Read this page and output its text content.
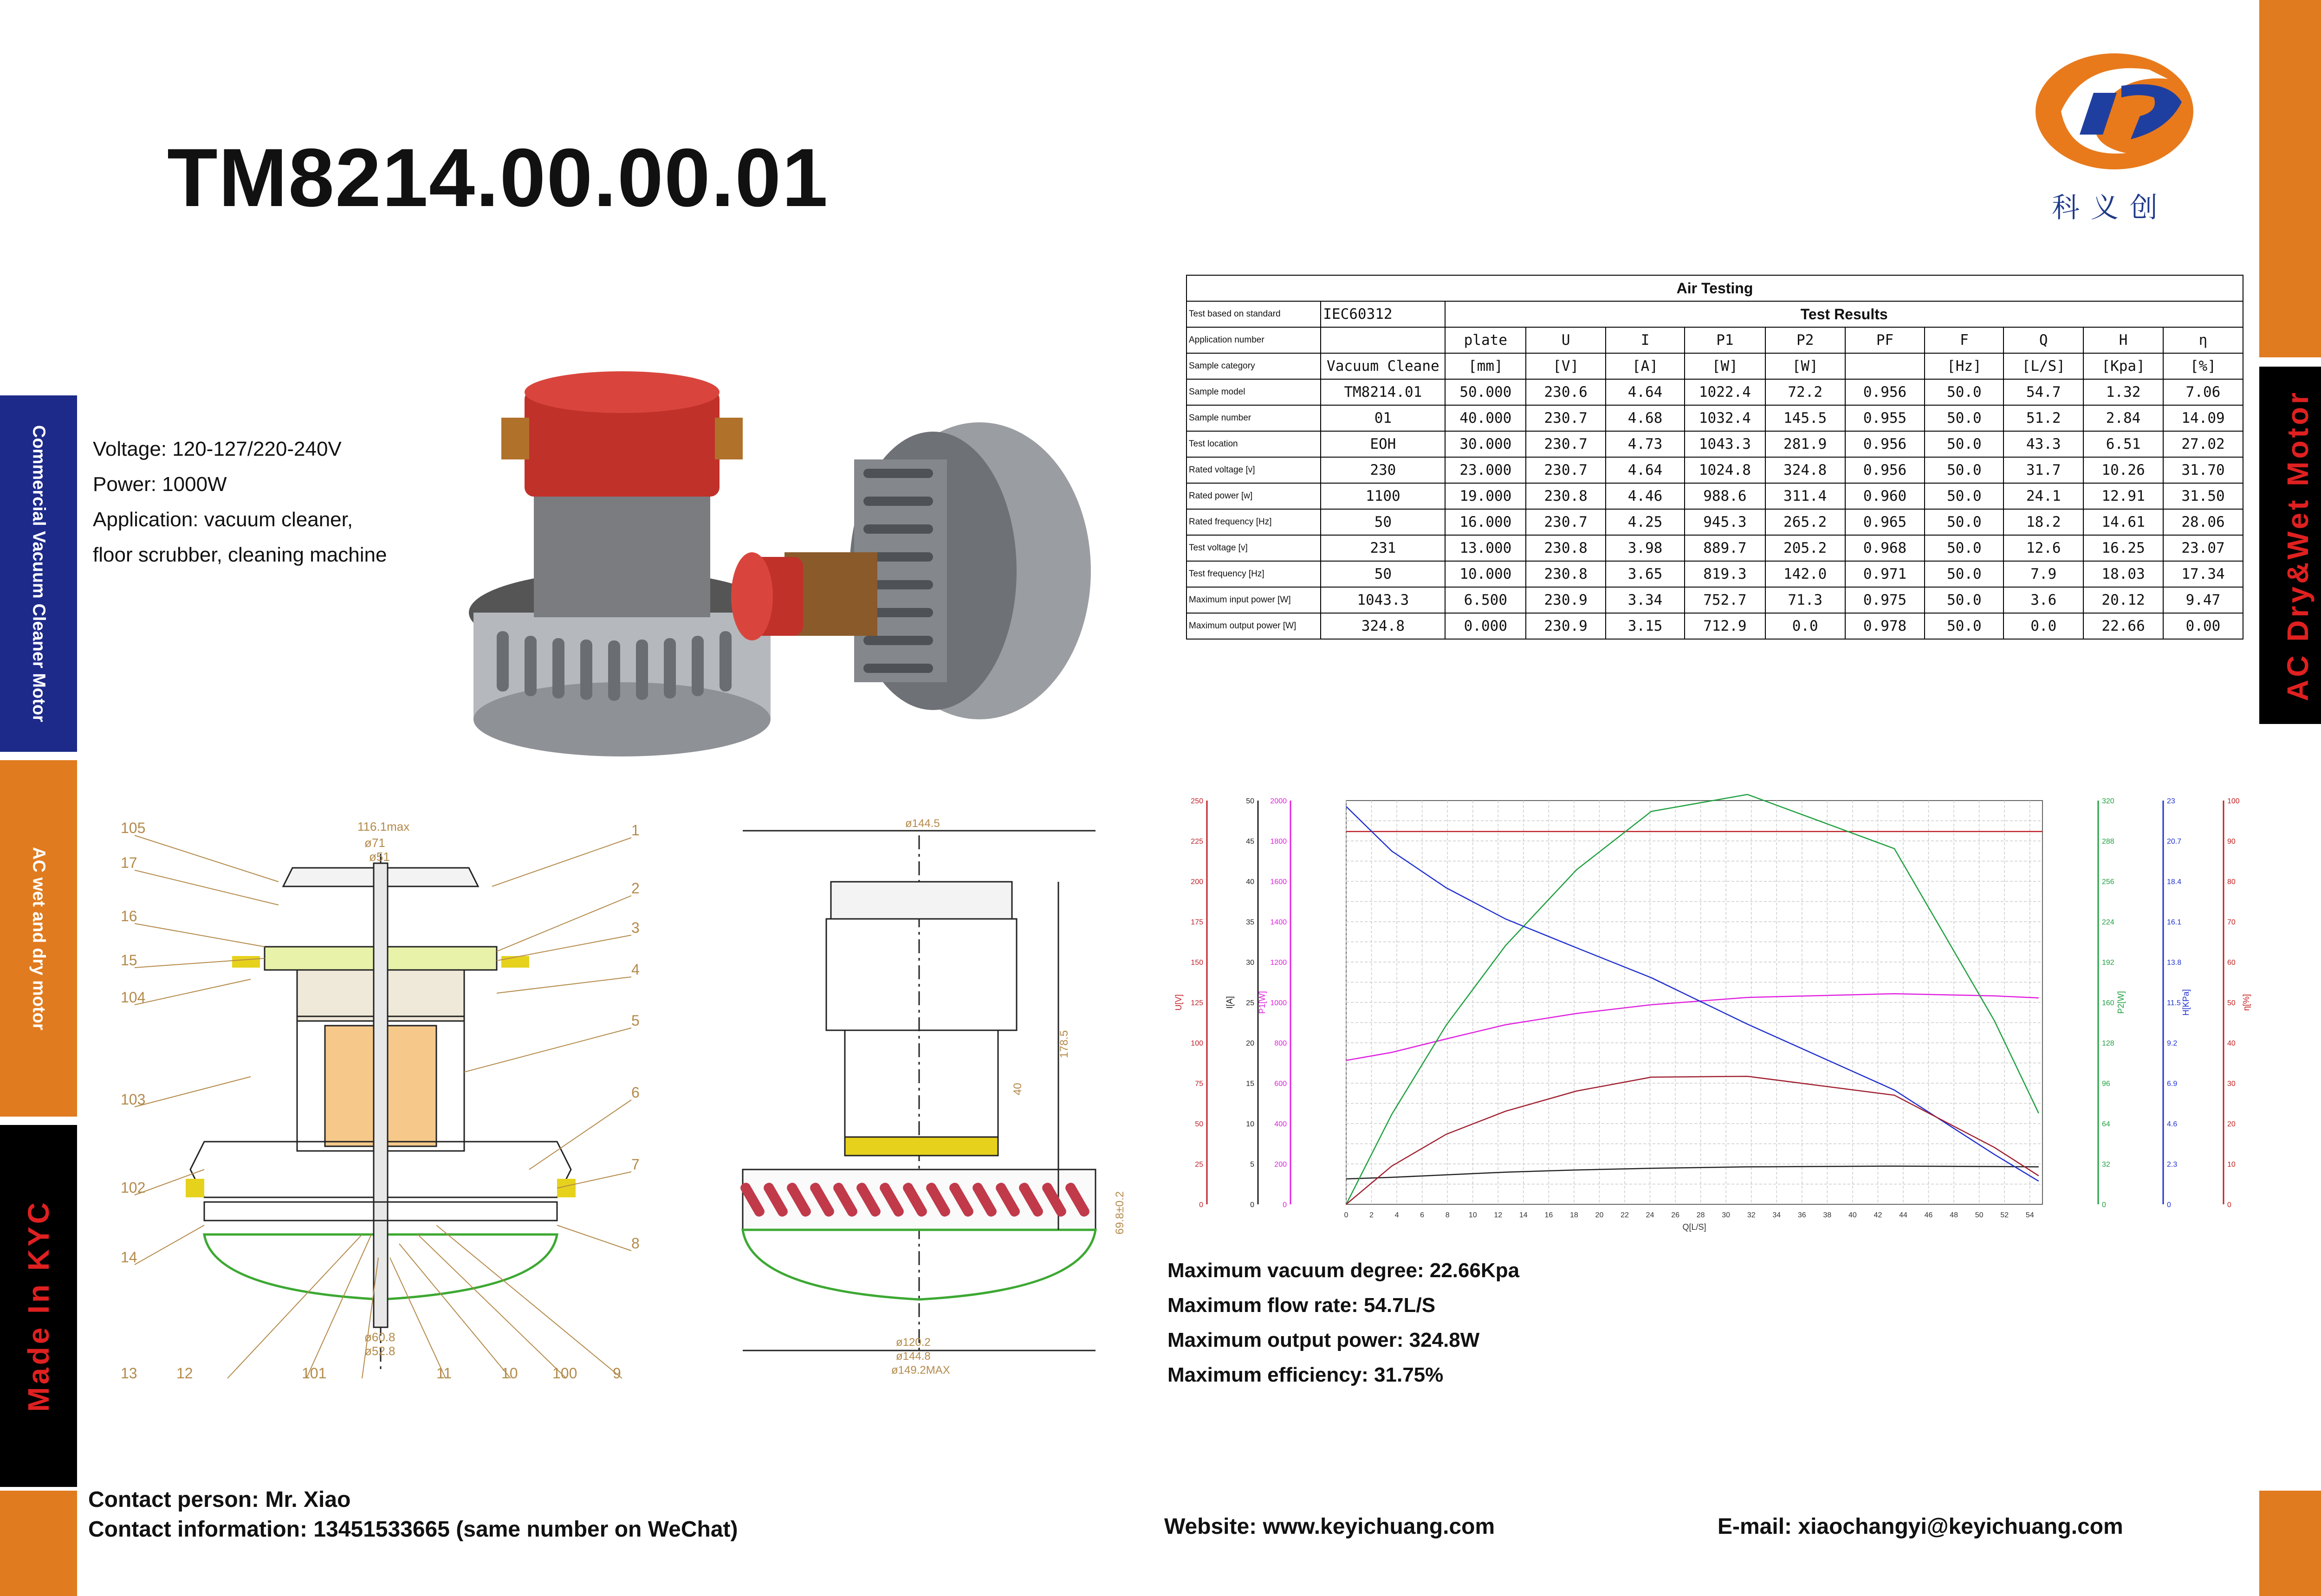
TM8214.00.00.01	科义创
Commercial Vacuum Cleaner Motor
AC wet and dry motor
Made In KYC
AC Dry&Wet Motor
Voltage: 120-127/220-240V
Power: 1000W
Application: vacuum cleaner,
floor scrubber, cleaning machine
Air Testing											
Test based on standard	IEC60312	Test Results									
Application number		plate	U	I	P1	P2	PF	F	Q	H	η
Sample category	Vacuum Cleane	[mm]	[V]	[A]	[W]	[W]		[Hz]	[L/S]	[Kpa]	[%]
Sample model	TM8214.01	50.000	230.6	4.64	1022.4	72.2	0.956	50.0	54.7	1.32	7.06
Sample number	01	40.000	230.7	4.68	1032.4	145.5	0.955	50.0	51.2	2.84	14.09
Test location	EOH	30.000	230.7	4.73	1043.3	281.9	0.956	50.0	43.3	6.51	27.02
Rated voltage [v]	230	23.000	230.7	4.64	1024.8	324.8	0.956	50.0	31.7	10.26	31.70
Rated power [w]	1100	19.000	230.8	4.46	988.6	311.4	0.960	50.0	24.1	12.91	31.50
Rated frequency [Hz]	50	16.000	230.7	4.25	945.3	265.2	0.965	50.0	18.2	14.61	28.06
Test voltage [v]	231	13.000	230.8	3.98	889.7	205.2	0.968	50.0	12.6	16.25	23.07
Test frequency [Hz]	50	10.000	230.8	3.65	819.3	142.0	0.971	50.0	7.9	18.03	17.34
Maximum input power [W]	1043.3	6.500	230.9	3.34	752.7	71.3	0.975	50.0	3.6	20.12	9.47
Maximum output power [W]	324.8	0.000	230.9	3.15	712.9	0.0	0.978	50.0	0.0	22.66	0.00
0	2	4	6	8	10 12 14 16 18 20 22 24 26 28 30 32 34 36 38 40 42 44 46 48 50 52 54
Q[L/S]
0
25
50
75
100
125
150
175
200
225
250
U[V]
0
5
10
15
20
25
30
35
40
45
50
I[A]
0
200
400
600
800
1000
1200
1400
1600
1800
2000
P1[W]
0
32
64
96
128
160
192
224
256
288
320
P2[W]
0
2.3
4.6
6.9
9.2
11.5
13.8
16.1
18.4
20.7
23
H[KPa]
0
10
20
30
40
50
60
70
80
90
100
η[%]
105
17
16
15
104
103
102
14
13	12	101
1
2
3
4
5
6
7
8
9
100
10
11
116.1max
ø71
ø51
ø60.8
ø52.8
ø144.5
ø120.2
ø144.8
ø149.2MAX
178.5
69.8±0.2
40
Maximum vacuum degree: 22.66Kpa
Maximum flow rate: 54.7L/S
Maximum output power: 324.8W
Maximum efficiency: 31.75%
Contact person: Mr. Xiao
Contact information: 13451533665 (same number on WeChat)	Website: www.keyichuang.com	E-mail: xiaochangyi@keyichuang.com
